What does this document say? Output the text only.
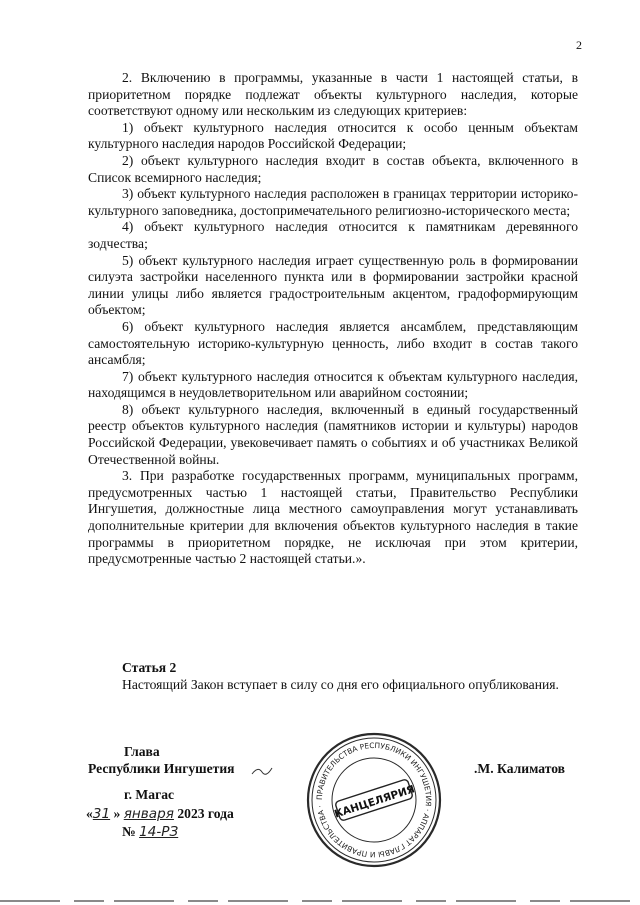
2

2. Включению в программы, указанные в части 1 настоящей статьи, в приоритетном порядке подлежат объекты культурного наследия, которые соответствуют одному или нескольким из следующих критериев:

1) объект культурного наследия относится к особо ценным объектам культурного наследия народов Российской Федерации;

2) объект культурного наследия входит в состав объекта, включенного в Список всемирного наследия;

3) объект культурного наследия расположен в границах территории историко-культурного заповедника, достопримечательного религиозно-исторического места;

4) объект культурного наследия относится к памятникам деревянного зодчества;

5) объект культурного наследия играет существенную роль в формировании силуэта застройки населенного пункта или в формировании застройки красной линии улицы либо является градостроительным акцентом, градоформирующим объектом;

6) объект культурного наследия является ансамблем, представляющим самостоятельную историко-культурную ценность, либо входит в состав такого ансамбля;

7) объект культурного наследия относится к объектам культурного наследия, находящимся в неудовлетворительном или аварийном состоянии;

8) объект культурного наследия, включенный в единый государственный реестр объектов культурного наследия (памятников истории и культуры) народов Российской Федерации, увековечивает память о событиях и об участниках Великой Отечественной войны.

3. При разработке государственных программ, муниципальных программ, предусмотренных частью 1 настоящей статьи, Правительство Республики Ингушетия, должностные лица местного самоуправления могут устанавливать дополнительные критерии для включения объектов культурного наследия в такие программы в приоритетном порядке, не исключая при этом критерии, предусмотренные частью 2 настоящей статьи.».

Статья 2
Настоящий Закон вступает в силу со дня его официального опубликования.
Глава
Республики Ингушетия
ПРАВИТЕЛЬСТВА РЕСПУБЛИКИ ИНГУШЕТИЯ · АППАРАТ ГЛАВЫ И ПРАВИТЕЛЬСТВА · КАНЦЕЛЯРИЯ
.М. Калиматов
г. Магас
«31 » января 2023 года
№ 14-РЗ
